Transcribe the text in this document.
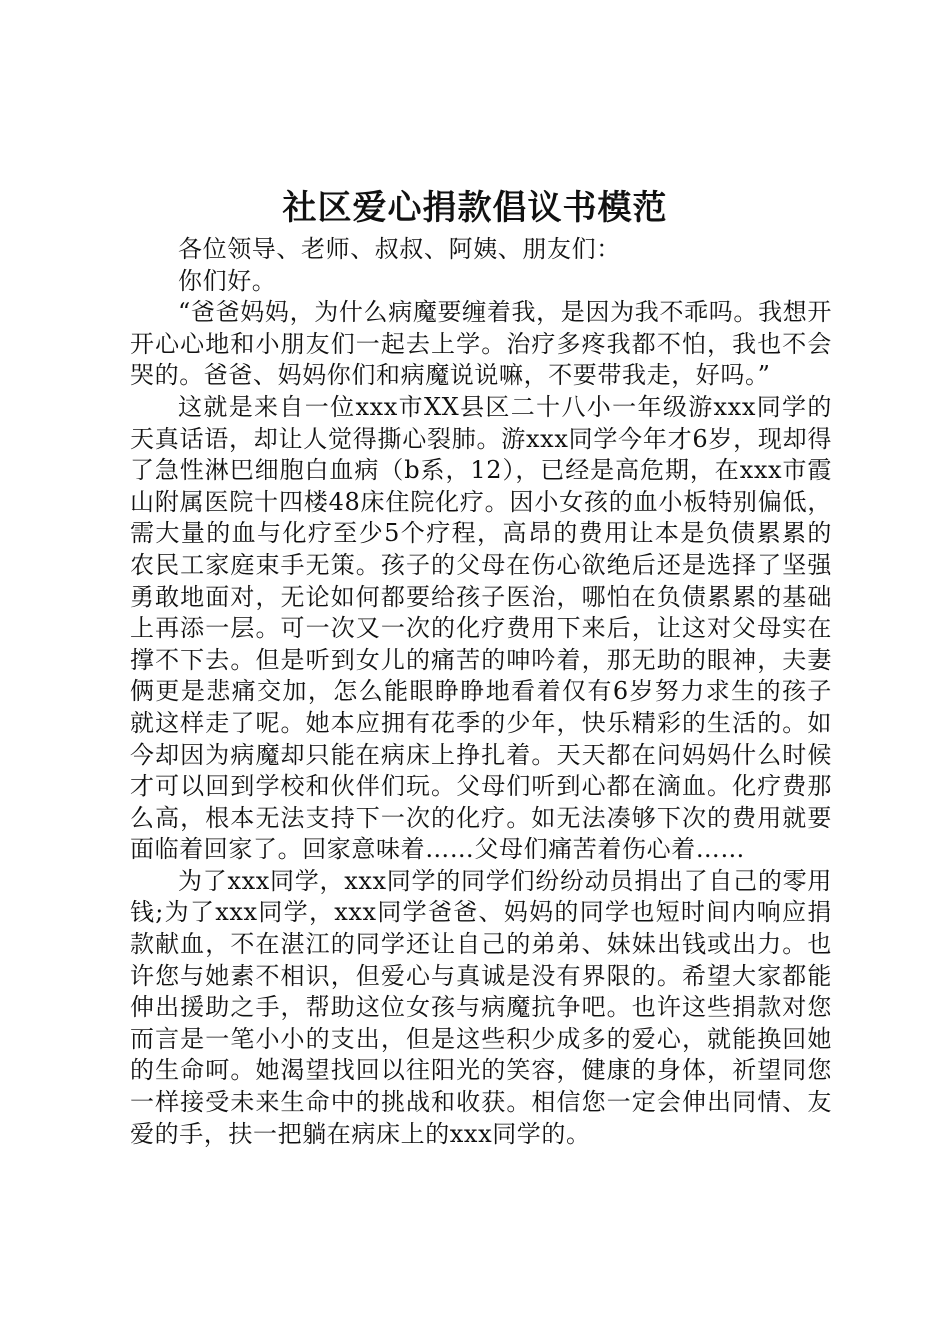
社区爱心捐款倡议书模范

各位领导、老师、叔叔、阿姨、朋友们：

你们好。

“爸爸妈妈，为什么病魔要缠着我，是因为我不乖吗。我想开开心心地和小朋友们一起去上学。治疗多疼我都不怕，我也不会哭的。爸爸、妈妈你们和病魔说说嘛，不要带我走，好吗。”

这就是来自一位xxx市XX县区二十八小一年级游xxx同学的天真话语，却让人觉得撕心裂肺。游xxx同学今年才6岁，现却得了急性淋巴细胞白血病（b系，12），已经是高危期，在xxx市霞山附属医院十四楼48床住院化疗。因小女孩的血小板特别偏低，需大量的血与化疗至少5个疗程，高昂的费用让本是负债累累的农民工家庭束手无策。孩子的父母在伤心欲绝后还是选择了坚强勇敢地面对，无论如何都要给孩子医治，哪怕在负债累累的基础上再添一层。可一次又一次的化疗费用下来后，让这对父母实在撑不下去。但是听到女儿的痛苦的呻吟着，那无助的眼神，夫妻俩更是悲痛交加，怎么能眼睁睁地看着仅有6岁努力求生的孩子就这样走了呢。她本应拥有花季的少年，快乐精彩的生活的。如今却因为病魔却只能在病床上挣扎着。天天都在问妈妈什么时候才可以回到学校和伙伴们玩。父母们听到心都在滴血。化疗费那么高，根本无法支持下一次的化疗。如无法凑够下次的费用就要面临着回家了。回家意味着……父母们痛苦着伤心着……

为了xxx同学，xxx同学的同学们纷纷动员捐出了自己的零用钱;为了xxx同学，xxx同学爸爸、妈妈的同学也短时间内响应捐款献血，不在湛江的同学还让自己的弟弟、妹妹出钱或出力。也许您与她素不相识，但爱心与真诚是没有界限的。希望大家都能伸出援助之手，帮助这位女孩与病魔抗争吧。也许这些捐款对您而言是一笔小小的支出，但是这些积少成多的爱心，就能换回她的生命呵。她渴望找回以往阳光的笑容，健康的身体，祈望同您一样接受未来生命中的挑战和收获。相信您一定会伸出同情、友爱的手，扶一把躺在病床上的xxx同学的。
